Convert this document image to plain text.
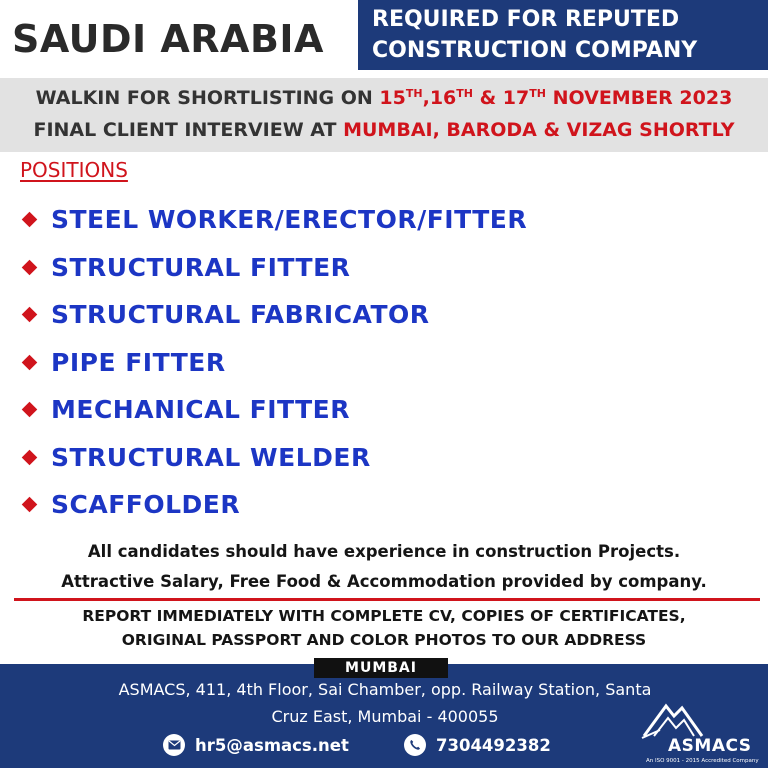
SAUDI ARABIA	REQUIRED FOR REPUTED
CONSTRUCTION COMPANY
WALKIN FOR SHORTLISTING ON 15TH,16TH & 17TH NOVEMBER 2023
FINAL CLIENT INTERVIEW AT MUMBAI, BARODA & VIZAG SHORTLY
POSITIONS
STEEL WORKER/ERECTOR/FITTER
STRUCTURAL FITTER
STRUCTURAL FABRICATOR
PIPE FITTER
MECHANICAL FITTER
STRUCTURAL WELDER
SCAFFOLDER
All candidates should have experience in construction Projects.
Attractive Salary, Free Food & Accommodation provided by company.
REPORT IMMEDIATELY WITH COMPLETE CV, COPIES OF CERTIFICATES,
ORIGINAL PASSPORT AND COLOR PHOTOS TO OUR ADDRESS
MUMBAI
ASMACS, 411, 4th Floor, Sai Chamber, opp. Railway Station, Santa
Cruz East, Mumbai - 400055
hr5@asmacs.net	7304492382	ASMACS
An ISO 9001 - 2015 Accredited Company
